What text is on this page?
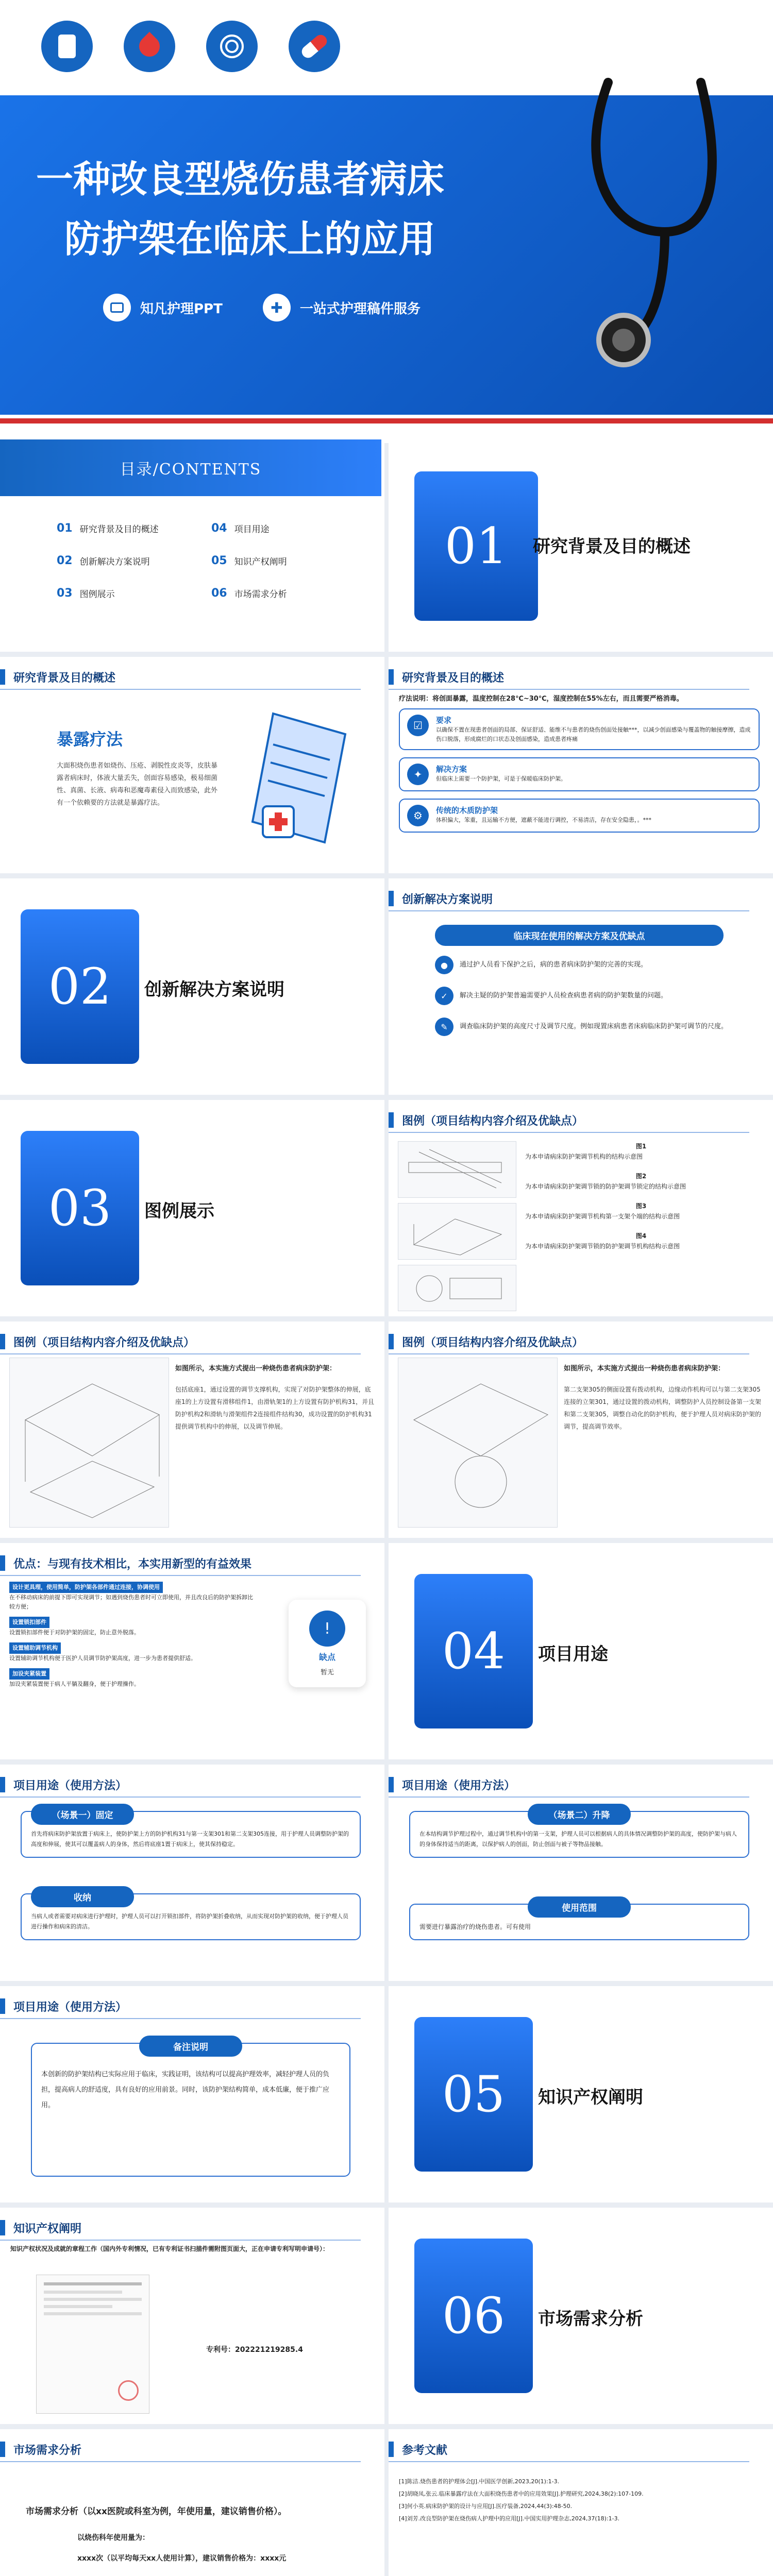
一种改良型烧伤患者病床
防护架在临床上的应用
知凡护理PPT	✚	一站式护理稿件服务
目录/CONTENTS
01 研究背景及目的概述	04 项目用途
02 创新解决方案说明	05 知识产权阐明
03 图例展示	06 市场需求分析
01	研究背景及目的概述
研究背景及目的概述
暴露疗法
大面积烧伤患者如烧伤、压疮、剥脱性皮炎等，皮肤暴露者病床时，体液大量丢失，创面容易感染，极易细菌性、真菌、长液、病毒和恶魔毒素侵入而致感染，此外有一个依赖要的方法就是暴露疗法。
研究背景及目的概述
疗法说明：将创面暴露，温度控制在28℃~30℃，湿度控制在55%左右，而且需要严格消毒。
☑	要求
以确保不置在现患者创面的局部、保证舒适、能维不与患者的烧伤创面处接触***，以减少创面感染与覆盖物的触接摩擦，造成伤口脱落，形成腐烂的口状态及创面感染，造成患者疼痛
✦	解决方案
但临床上需要一个防护架，可是于保暖临床防护架。
⚙	传统的木质防护架
体积偏大，笨重，且运输不方便，遮蔽不能进行调控，不易清洁，存在安全隐患，。***
02	创新解决方案说明
创新解决方案说明
临床现在使用的解决方案及优缺点
●	通过护人员看下保护之后，病的患者病床防护架的完善的实现。
✓	解决主疑的防护架普遍需要护人员检查病患者病的防护架数量的问题。
✎	调查临床防护架的高度尺寸及调节尺度。例如现置床病患者床病临床防护架可调节的尺度。
03	图例展示
图例（项目结构内容介绍及优缺点）
图1
为本申请病床防护架调节机构的结构示意图
图2
为本申请病床防护架调节锁的防护架调节锁定的结构示意图
图3
为本申请病床防护架调节机构第一支架个端的结构示意图
图4
为本申请病床防护架调节锁的防护架调节机构结构示意图
图例（项目结构内容介绍及优缺点）
如图所示，本实施方式提出一种烧伤患者病床防护架：
包括底座1，通过设置的调节支撑机构，实现了对防护架整体的伸展，底座1的上方设置有滑移组件1，由滑轨架1的上方设置有防护机构31，并且防护机构2和滑轨与滑架组件2连接组件结构30，成功设置的防护机构31提供调节机构中的伸展，以及调节伸展。
图例（项目结构内容介绍及优缺点）
如图所示，本实施方式提出一种烧伤患者病床防护架：
第二支架305的侧面设置有拨动机构，边缘动作机构可以与第二支架305连接的立架301，通过设置的拨动机构，调整防护人员控制设备第一支架和第二支架305，调整自动化的防护机构，便于护理人员对病床防护架的调节，提高调节效率。
优点：与现有技术相比，本实用新型的有益效果
设计更具理，使用简单，防护架各部件通过连接，协调使用
在不移动病床的前提下即可实现调节；如遇到烧伤患者时可立即使用，并且改良后的防护架拆卸比较方便；
设置锁扣部件
设置锁扣部件便于对防护架的固定，防止意外脱落。
设置辅助调节机构
设置辅助调节机构便于医护人员调节防护架高度，进一步为患者提供舒适。
加设夹紧装置
加设夹紧装置便于病人平躺及翻身，便于护理操作。
!
缺点
暂无	04	项目用途
项目用途（使用方法）
（场景一）固定
首先将病床防护架放置于病床上，使防护架上方的防护机构31与第一支架301和第二支架305连接，用于护理人员调整防护架的高度和伸展，使其可以覆盖病人的身体，然后将底座1置于病床上，使其保持稳定。
收纳
当病人或者需要对病床进行护理时，护理人员可以打开锁扣部件，将防护架折叠收纳，从而实现对防护架的收纳，便于护理人员进行操作和病床的清洁。
项目用途（使用方法）
（场景二）升降
在本结构调节护理过程中，通过调节机构中的第一支架，护理人员可以根据病人的具体情况调整防护架的高度，使防护架与病人的身体保持适当的距离，以保护病人的创面，防止创面与被子等物品接触。
使用范围
需要进行暴露治疗的烧伤患者。可有使用
项目用途（使用方法）
备注说明
本创新的防护架结构已实际应用于临床，实践证明，该结构可以提高护理效率，减轻护理人员的负担，提高病人的舒适度，具有良好的应用前景。同时，该防护架结构简单，成本低廉，便于推广应用。	05	知识产权阐明
知识产权阐明
知识产权状况及成就的章程工作（国内外专利情况，已有专利证书扫描件需附图页面大，正在申请专利写明申请号）：
专利号：202221219285.4
06	市场需求分析
市场需求分析
市场需求分析（以xx医院或科室为例，年使用量，建议销售价格）。
以烧伤科年使用量为：
xxxx次（以平均每天xx人使用计算），建议销售价格为：xxxx元
参考文献
[1]陈洁.烧伤患者的护理体会[J].中国医学创新,2023,20(1):1-3.
[2]胡晓凤,张云.临床暴露疗法在大面积烧伤患者中的应用效果[J].护理研究,2024,38(2):107-109.
[3]何小英.病床防护架的设计与应用[J].医疗装备,2024,44(3):48-50.
[4]刘芳.改良型防护架在烧伤病人护理中的应用[J].中国实用护理杂志,2024,37(18):1-3.
